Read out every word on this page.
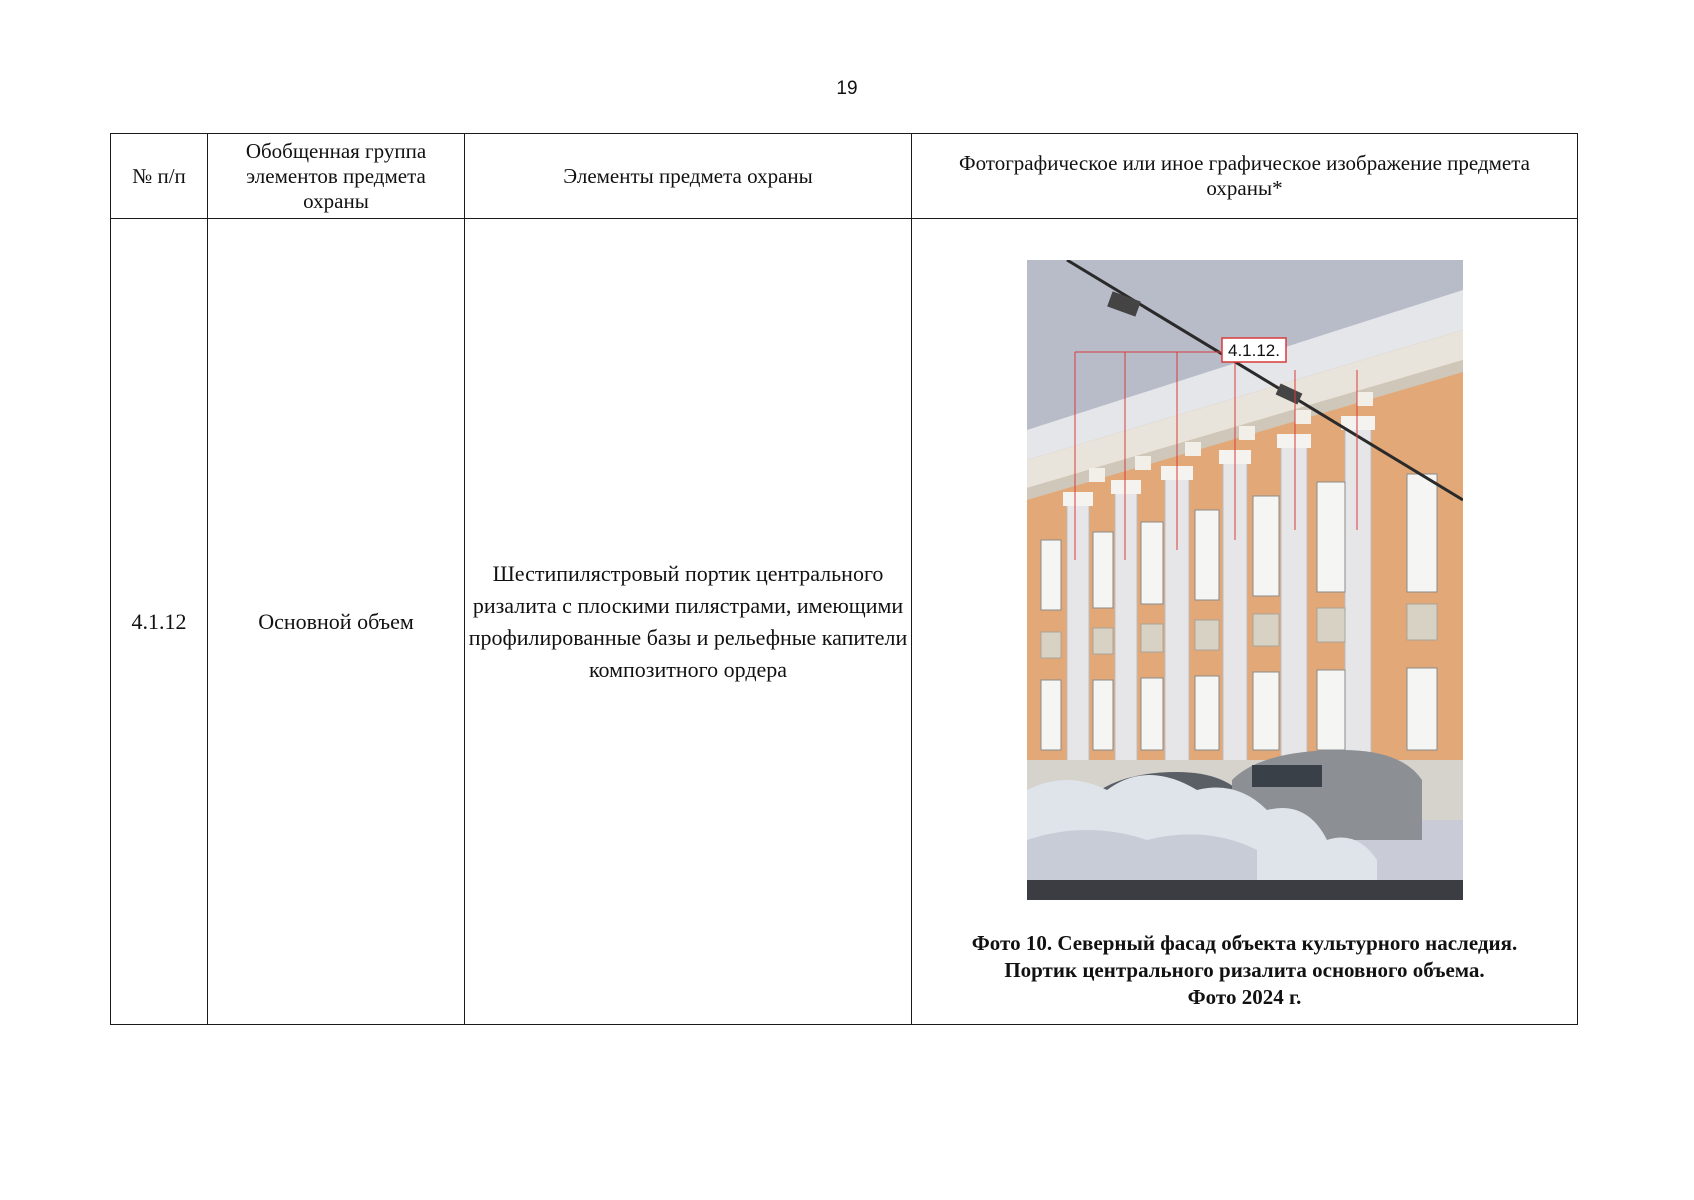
19
№ п/п	Обобщенная группа элементов предмета охраны	Элементы предмета охраны	Фотографическое или иное графическое изображение предмета охраны*

4.1.12	Основной объем	Шестипилястровый портик центрального ризалита с плоскими пилястрами, имеющими профилированные базы и рельефные капители композитного ордера	4.1.12.
Фото 10. Северный фасад объекта культурного наследия.
Портик центрального ризалита основного объема.
Фото 2024 г.
